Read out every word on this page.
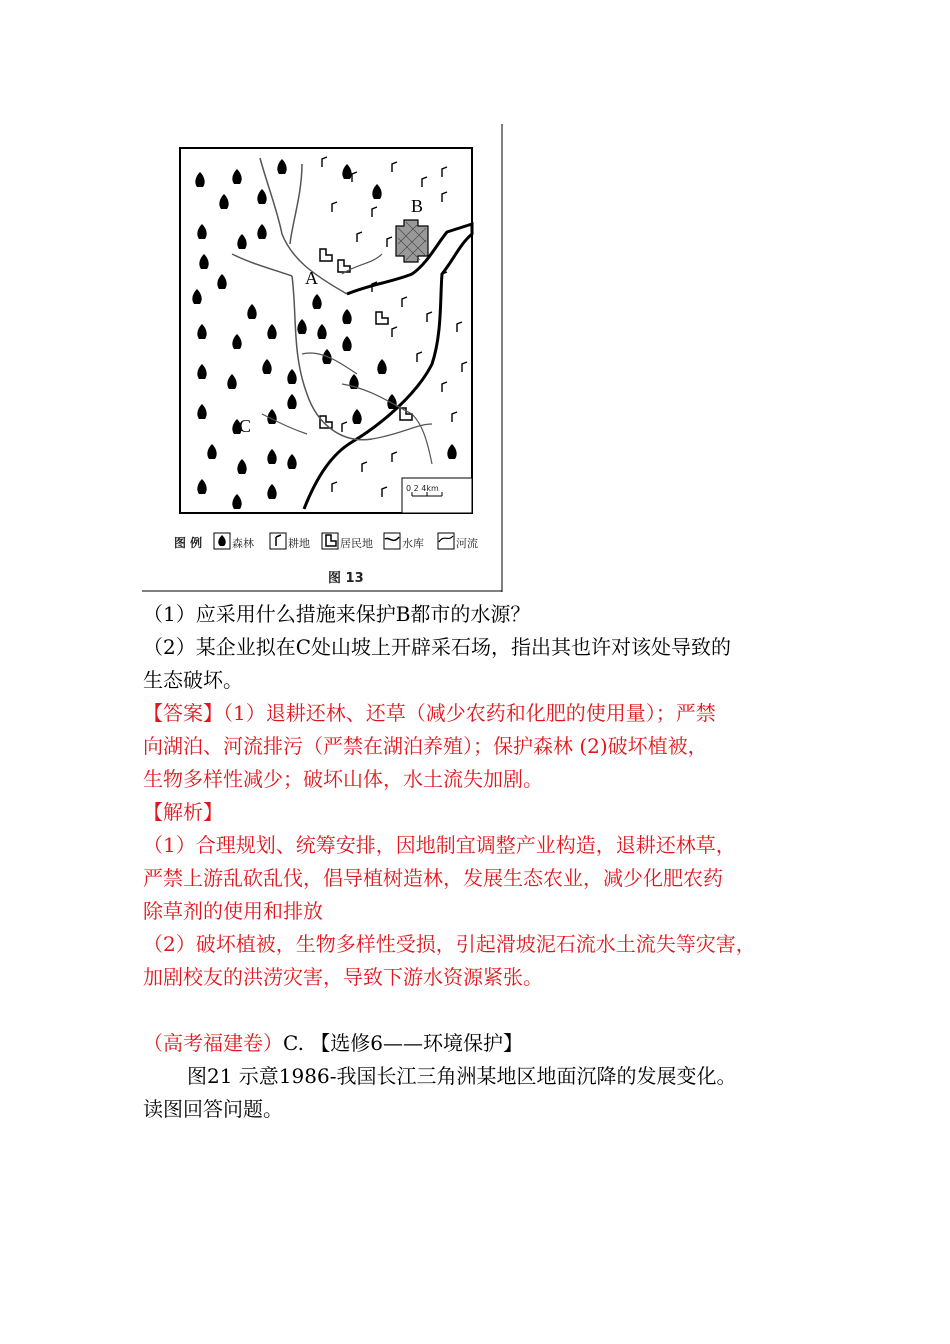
B
A
C
0 2 4km
图 例	森林	耕地	居民地	水库	河流
图 13
（1）应采用什么措施来保护B都市的水源？
（2）某企业拟在C处山坡上开辟采石场，指出其也许对该处导致的
生态破坏。
【答案】（1）退耕还林、还草（减少农药和化肥的使用量）；严禁
向湖泊、河流排污（严禁在湖泊养殖）；保护森林 (2)破坏植被，
生物多样性减少；破坏山体，水土流失加剧。
【解析】
（1）合理规划、统筹安排，因地制宜调整产业构造，退耕还林草，
严禁上游乱砍乱伐，倡导植树造林，发展生态农业，减少化肥农药
除草剂的使用和排放
（2）破坏植被，生物多样性受损，引起滑坡泥石流水土流失等灾害，
加剧校友的洪涝灾害，导致下游水资源紧张。
（高考福建卷）C. 【选修6——环境保护】
图21 示意1986-我国长江三角洲某地区地面沉降的发展变化。
读图回答问题。
